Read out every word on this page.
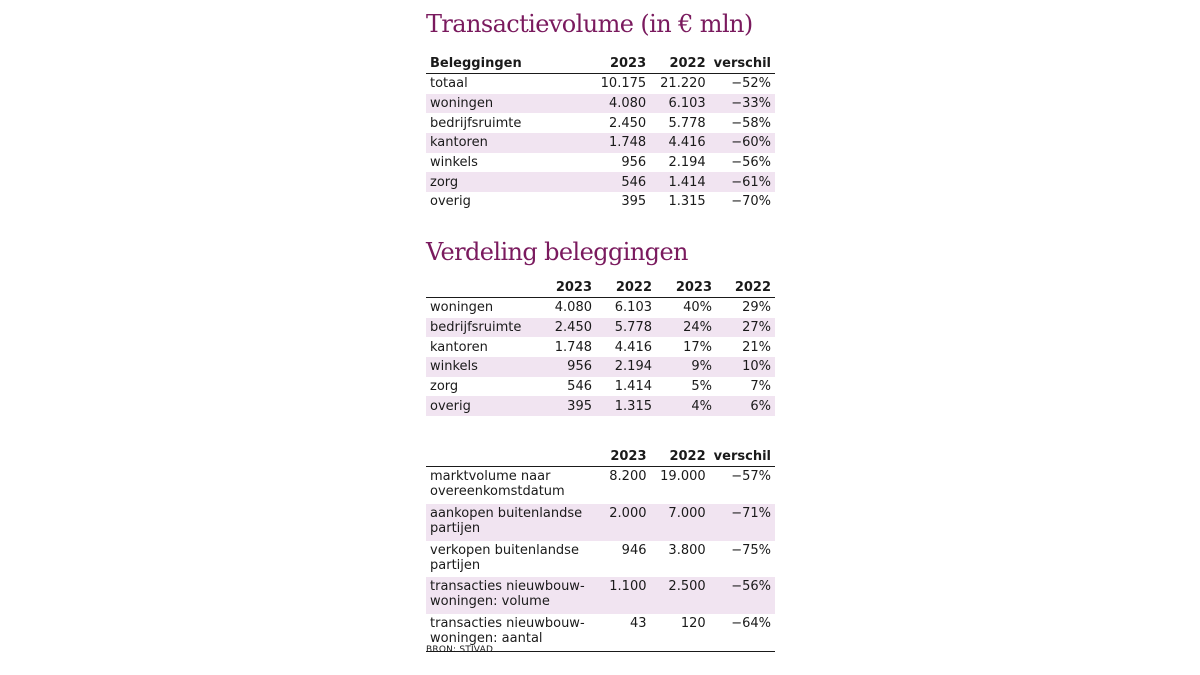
Transactievolume (in € mln)
Beleggingen	2023	2022	verschil
totaal	10.175	21.220	−52%
woningen	4.080	6.103	−33%
bedrijfsruimte	2.450	5.778	−58%
kantoren	1.748	4.416	−60%
winkels	956	2.194	−56%
zorg	546	1.414	−61%
overig	395	1.315	−70%
Verdeling beleggingen
	2023	2022	2023	2022
woningen	4.080	6.103	40%	29%
bedrijfsruimte	2.450	5.778	24%	27%
kantoren	1.748	4.416	17%	21%
winkels	956	2.194	9%	10%
zorg	546	1.414	5%	7%
overig	395	1.315	4%	6%
	2023	2022	verschil
marktvolume naar
overeenkomstdatum	8.200	19.000	−57%
aankopen buitenlandse
partijen	2.000	7.000	−71%
verkopen buitenlandse
partijen	946	3.800	−75%
transacties nieuwbouw-
woningen: volume	1.100	2.500	−56%
transacties nieuwbouw-
woningen: aantal	43	120	−64%
BRON: STIVAD
